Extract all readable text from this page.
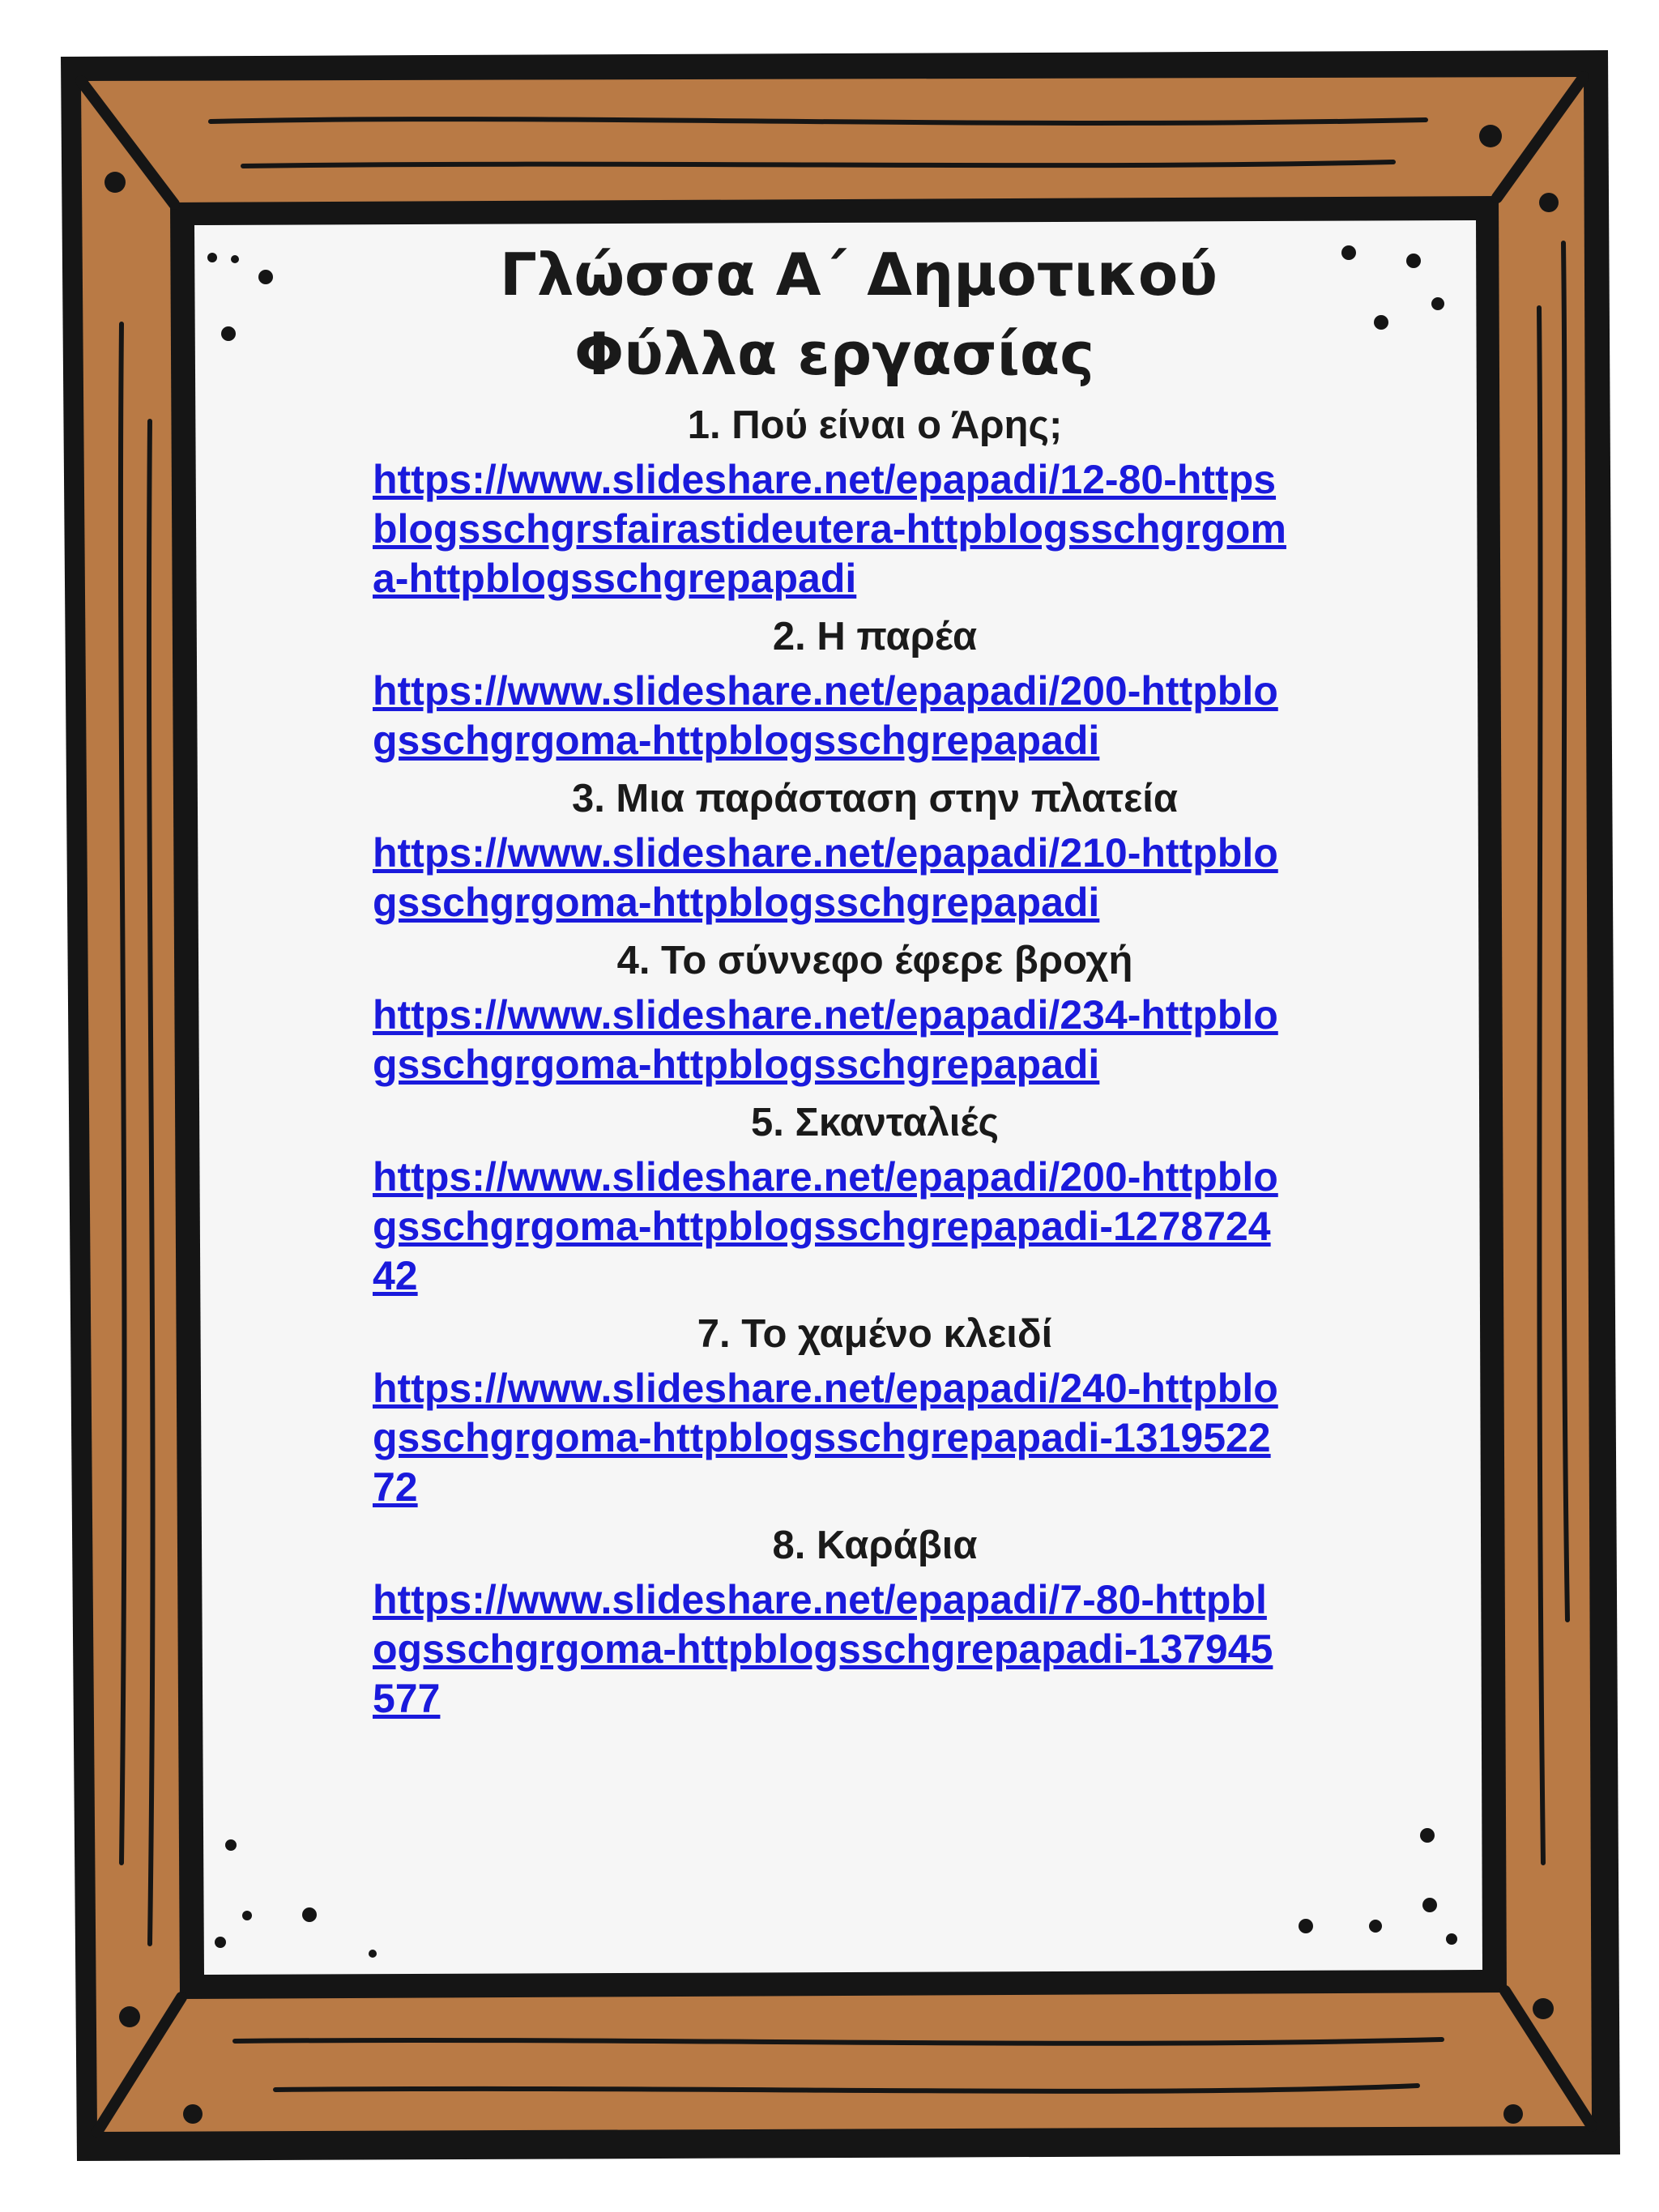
Γλώσσα Α΄ Δημοτικού
Φύλλα εργασίας
1. Πού είναι ο Άρης;
https://www.slideshare.net/epapadi/12-80-httpsblogsschgrsfairastideutera-httpblogsschgrgoma-httpblogsschgrepapadi
2. Η παρέα
https://www.slideshare.net/epapadi/200-httpblogsschgrgoma-httpblogsschgrepapadi
3. Μια παράσταση στην πλατεία
https://www.slideshare.net/epapadi/210-httpblogsschgrgoma-httpblogsschgrepapadi
4. Το σύννεφο έφερε βροχή
https://www.slideshare.net/epapadi/234-httpblogsschgrgoma-httpblogsschgrepapadi
5. Σκανταλιές
https://www.slideshare.net/epapadi/200-httpblogsschgrgoma-httpblogsschgrepapadi-127872442
7. Το χαμένο κλειδί
https://www.slideshare.net/epapadi/240-httpblogsschgrgoma-httpblogsschgrepapadi-131952272
8. Καράβια
https://www.slideshare.net/epapadi/7-80-httpblogsschgrgoma-httpblogsschgrepapadi-137945577
